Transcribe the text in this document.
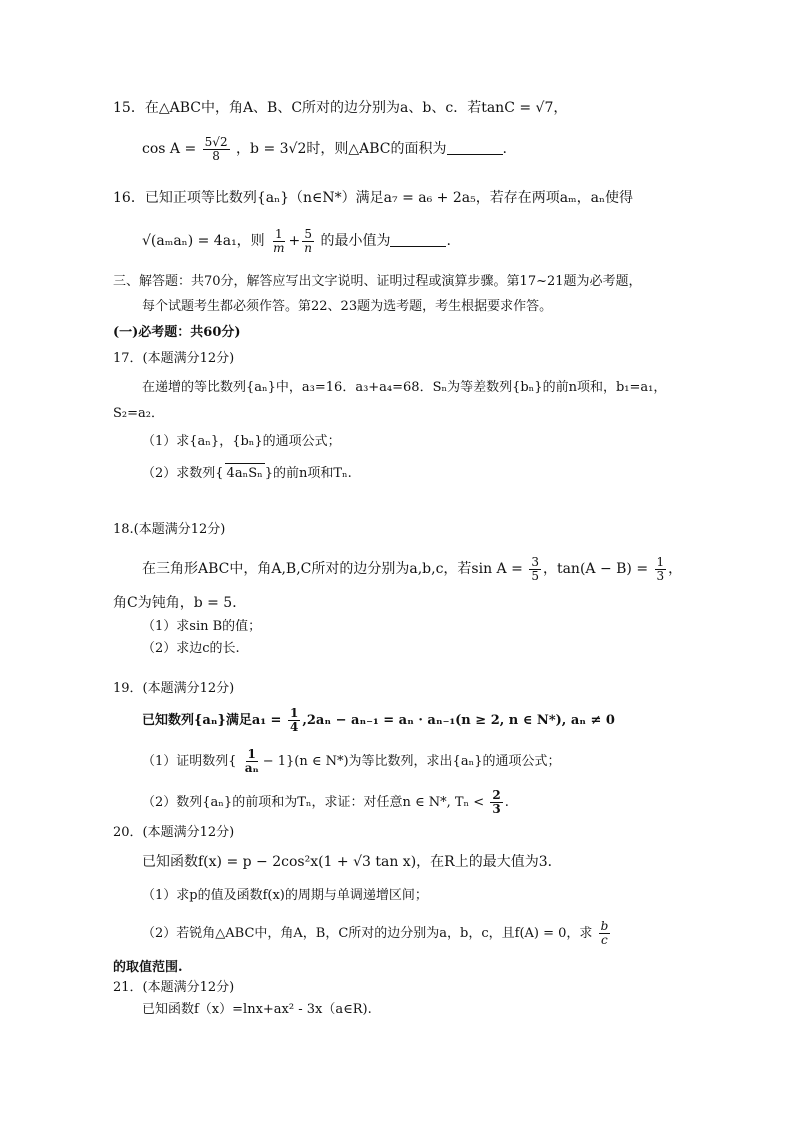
15．在△ABC中，角A、B、C所对的边分别为a、b、c．若tanC = √7，
$\cos A = \frac{5√2}{8}$ ，b = 3√2时，则△ABC的面积为	.
16．已知正项等比数列{aₙ}（n∈N*）满足a₇ = a₆ + 2a₅，若存在两项aₘ，aₙ使得
√(aₘaₙ) = 4a₁，则 $\frac{1}{m} + \frac{5}{n}$ 的最小值为	.
三、解答题：共70分，解答应写出文字说明、证明过程或演算步骤。第17~21题为必考题，
每个试题考生都必须作答。第22、23题为选考题，考生根据要求作答。
(一)必考题：共60分)
17．(本题满分12分)
在递增的等比数列{aₙ}中，a₃=16．a₃+a₄=68．Sₙ为等差数列{bₙ}的前n项和，b₁=a₁，
S₂=a₂．
（1）求{aₙ}，{bₙ}的通项公式；
（2）求数列{ 4aₙSₙ }的前n项和Tₙ.
18.(本题满分12分)
在三角形ABC中，角A,B,C所对的边分别为a,b,c，若$\sin A = \frac{3}{5}$ ，$\tan(A - B) = \frac{1}{3}$ ，
角C为钝角，b = 5．
（1）求sin B的值；
（2）求边c的长.
19．(本题满分12分)
已知数列{aₙ}满足$a_1 = \frac{1}{4} ,2a_n - a_{n-1} = a_n \cdot a_{n-1}(n \ge 2$, n ∈ N*), aₙ ≠ 0
（1）证明数列{ $\frac{1}{\text{aₙ}} - 1\}(n$ ∈ N*)为等比数列，求出{aₙ}的通项公式；
（2）数列{aₙ}的前项和为Tₙ，求证：对任意n ∈ N*, $T_n < \frac{2}{3}$ .
20．(本题满分12分)
已知函数f(x) = p − 2cos²x(1 + √3 tan x)，在R上的最大值为3．
（1）求p的值及函数f(x)的周期与单调递增区间；
（2）若锐角△ABC中，角A，B，C所对的边分别为a，b，c，且f(A) = 0，求 $\frac{b}{c}$
的取值范围.
21．(本题满分12分)
已知函数f（x）=lnx+ax² - 3x（a∈R).
